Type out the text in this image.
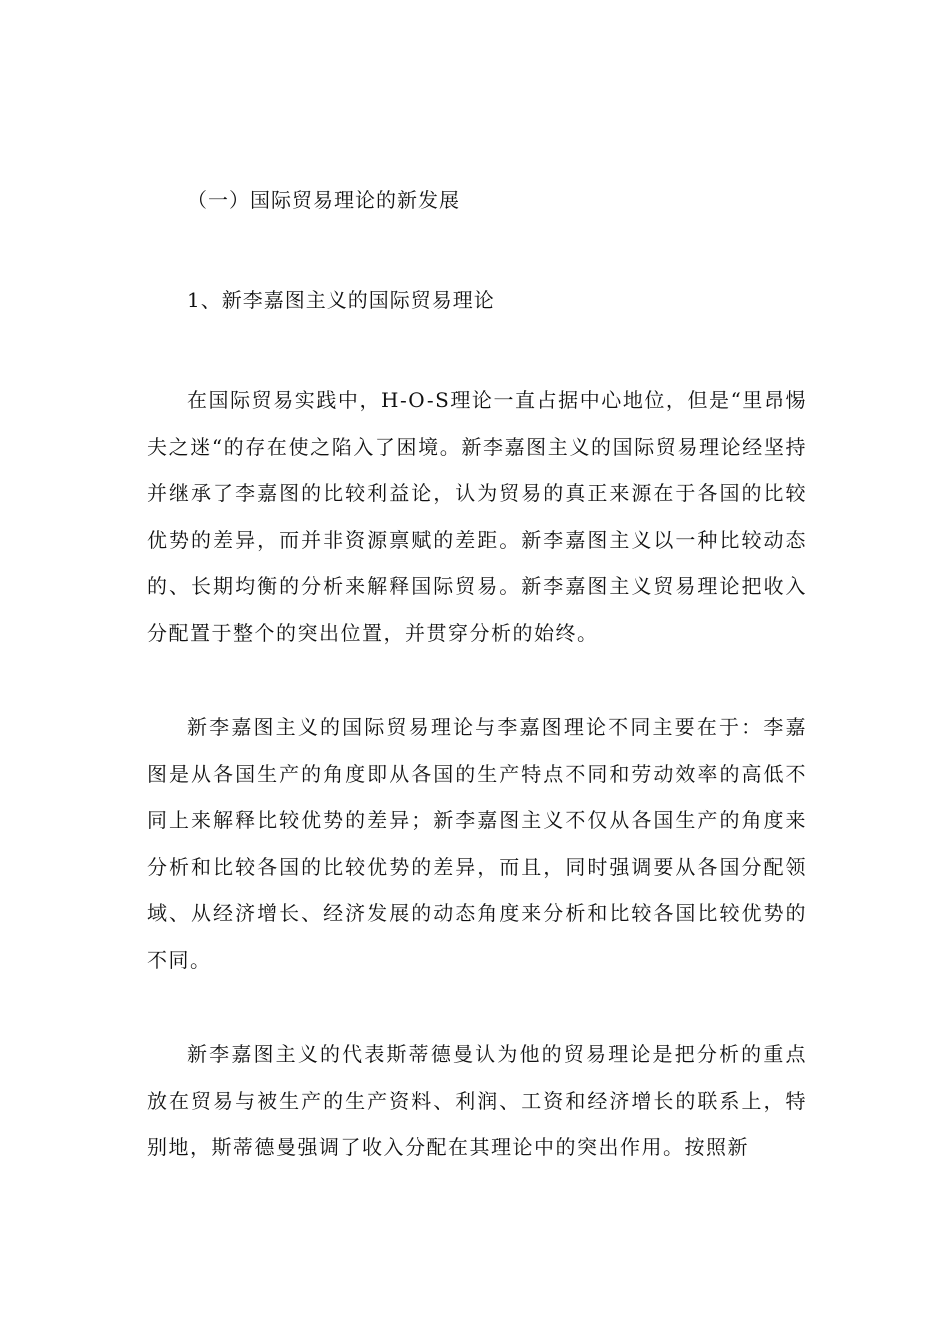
（一）国际贸易理论的新发展
1、新李嘉图主义的国际贸易理论

在国际贸易实践中，H-O-S理论一直占据中心地位，但是“里昂惕夫之迷“的存在使之陷入了困境。新李嘉图主义的国际贸易理论经坚持并继承了李嘉图的比较利益论，认为贸易的真正来源在于各国的比较优势的差异，而并非资源禀赋的差距。新李嘉图主义以一种比较动态的、长期均衡的分析来解释国际贸易。新李嘉图主义贸易理论把收入分配置于整个的突出位置，并贯穿分析的始终。

新李嘉图主义的国际贸易理论与李嘉图理论不同主要在于：李嘉图是从各国生产的角度即从各国的生产特点不同和劳动效率的高低不同上来解释比较优势的差异；新李嘉图主义不仅从各国生产的角度来分析和比较各国的比较优势的差异，而且，同时强调要从各国分配领域、从经济增长、经济发展的动态角度来分析和比较各国比较优势的不同。

新李嘉图主义的代表斯蒂德曼认为他的贸易理论是把分析的重点放在贸易与被生产的生产资料、利润、工资和经济增长的联系上，特别地，斯蒂德曼强调了收入分配在其理论中的突出作用。按照新
